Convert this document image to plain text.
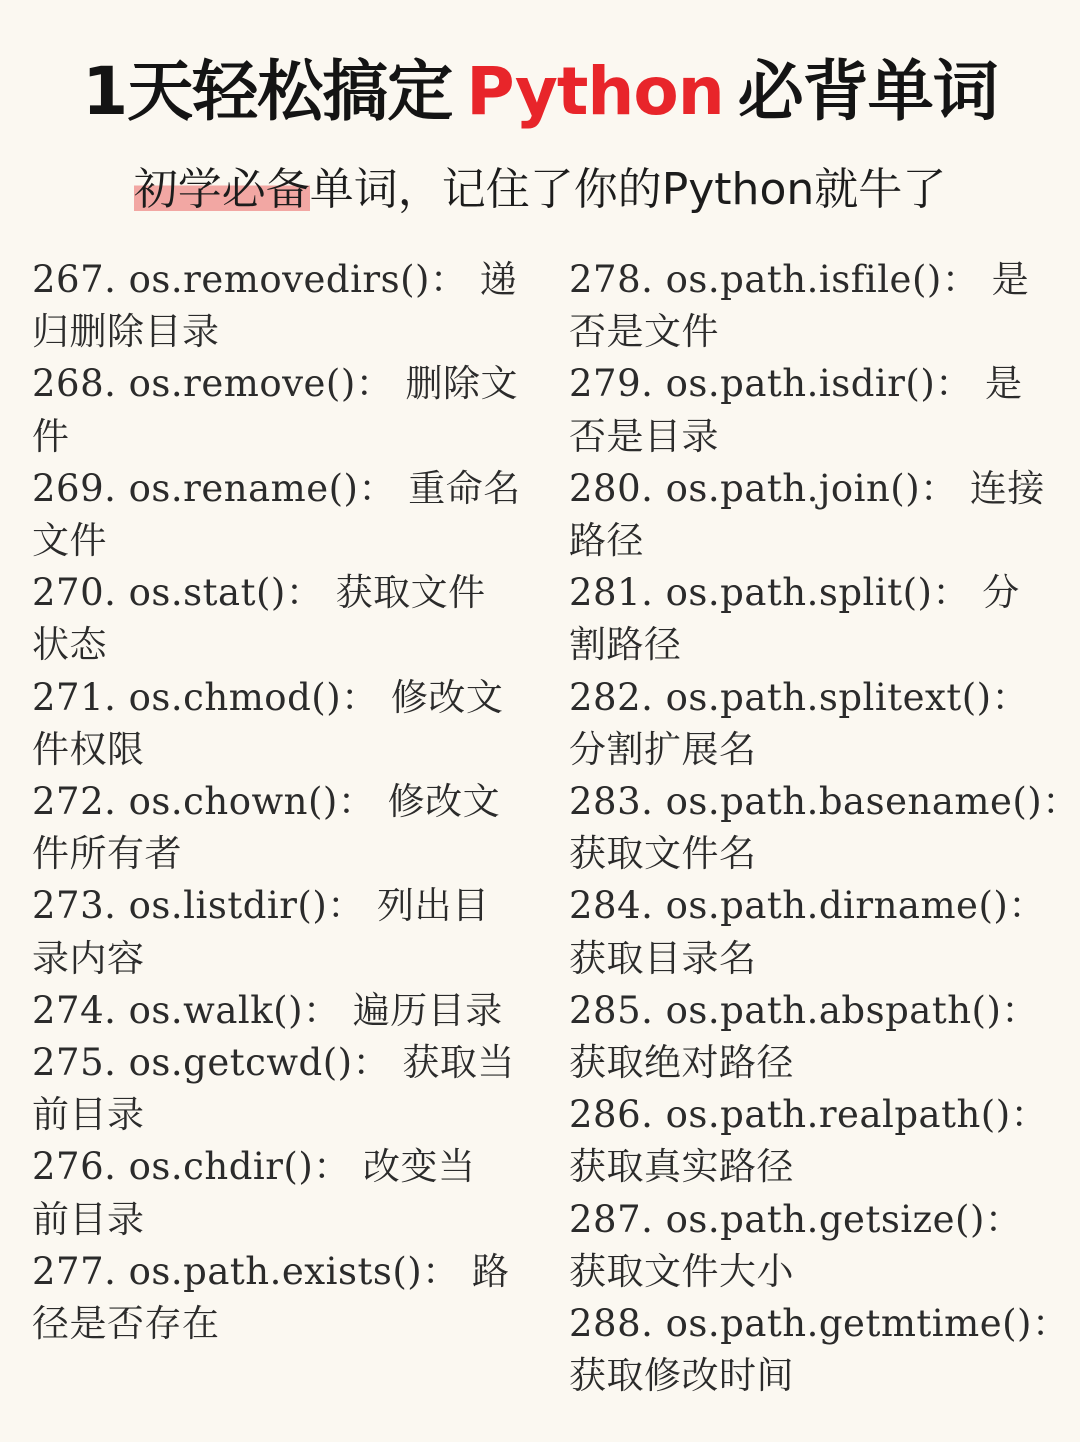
1天轻松搞定 Python 必背单词
初学必备单词，记住了你的Python就牛了
267. os.removedirs()： 递
归删除目录
268. os.remove()： 删除文
件
269. os.rename()： 重命名
文件
270. os.stat()： 获取文件
状态
271. os.chmod()： 修改文
件权限
272. os.chown()： 修改文
件所有者
273. os.listdir()： 列出目
录内容
274. os.walk()： 遍历目录
275. os.getcwd()： 获取当
前目录
276. os.chdir()： 改变当
前目录
277. os.path.exists()： 路
径是否存在
278. os.path.isfile()： 是
否是文件
279. os.path.isdir()： 是
否是目录
280. os.path.join()： 连接
路径
281. os.path.split()： 分
割路径
282. os.path.splitext()：
分割扩展名
283. os.path.basename()：
获取文件名
284. os.path.dirname()：
获取目录名
285. os.path.abspath()：
获取绝对路径
286. os.path.realpath()：
获取真实路径
287. os.path.getsize()：
获取文件大小
288. os.path.getmtime()：
获取修改时间
